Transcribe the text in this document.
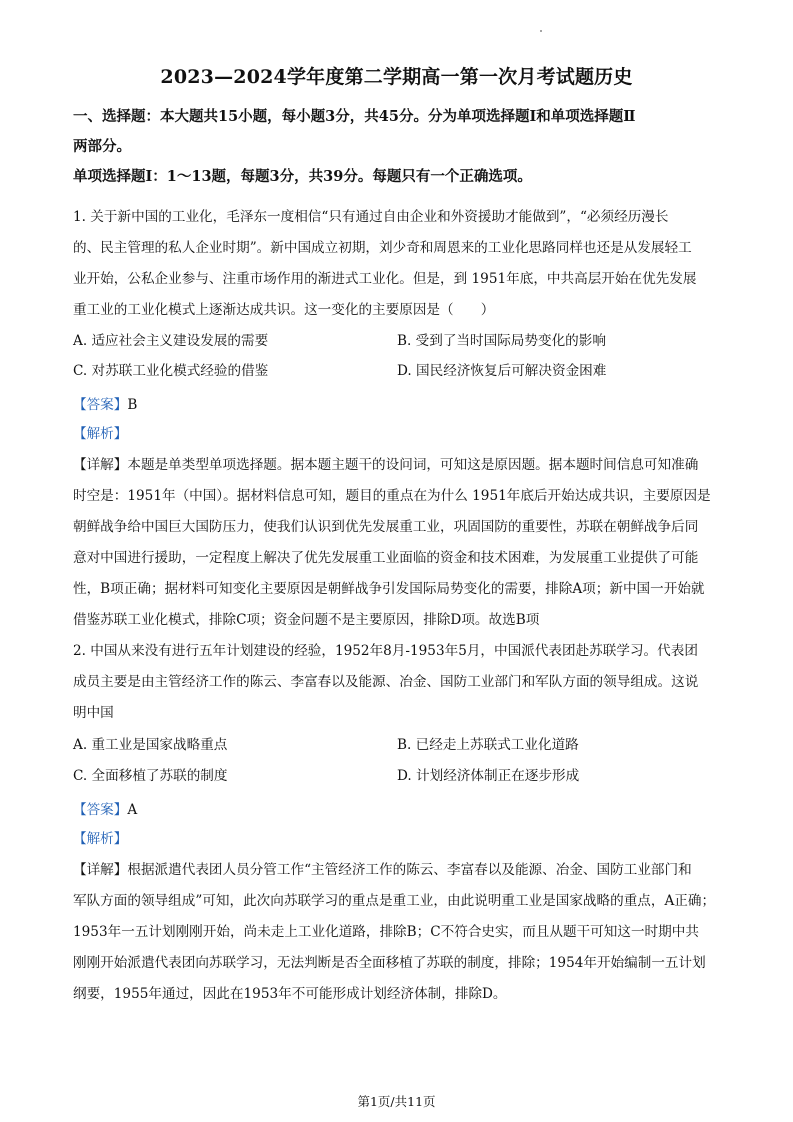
2023—2024学年度第二学期高一第一次月考试题历史
一、选择题：本大题共15小题，每小题3分，共45分。分为单项选择题Ⅰ和单项选择题Ⅱ
两部分。
单项选择题Ⅰ：1～13题，每题3分，共39分。每题只有一个正确选项。
1. 关于新中国的工业化，毛泽东一度相信“只有通过自由企业和外资援助才能做到”，“必须经历漫长
的、民主管理的私人企业时期”。新中国成立初期，刘少奇和周恩来的工业化思路同样也还是从发展轻工
业开始，公私企业参与、注重市场作用的渐进式工业化。但是，到 1951年底，中共高层开始在优先发展
重工业的工业化模式上逐渐达成共识。这一变化的主要原因是（　　）
A. 适应社会主义建设发展的需要	B. 受到了当时国际局势变化的影响
C. 对苏联工业化模式经验的借鉴	D. 国民经济恢复后可解决资金困难
【答案】B
【解析】
【详解】本题是单类型单项选择题。据本题主题干的设问词，可知这是原因题。据本题时间信息可知准确
时空是：1951年（中国）。据材料信息可知，题目的重点在为什么 1951年底后开始达成共识，主要原因是
朝鲜战争给中国巨大国防压力，使我们认识到优先发展重工业，巩固国防的重要性，苏联在朝鲜战争后同
意对中国进行援助，一定程度上解决了优先发展重工业面临的资金和技术困难，为发展重工业提供了可能
性，B项正确；据材料可知变化主要原因是朝鲜战争引发国际局势变化的需要，排除A项；新中国一开始就
借鉴苏联工业化模式，排除C项；资金问题不是主要原因，排除D项。故选B项
2. 中国从来没有进行五年计划建设的经验，1952年8月-1953年5月，中国派代表团赴苏联学习。代表团
成员主要是由主管经济工作的陈云、李富春以及能源、冶金、国防工业部门和军队方面的领导组成。这说
明中国
A. 重工业是国家战略重点	B. 已经走上苏联式工业化道路
C. 全面移植了苏联的制度	D. 计划经济体制正在逐步形成
【答案】A
【解析】
【详解】根据派遣代表团人员分管工作“主管经济工作的陈云、李富春以及能源、冶金、国防工业部门和
军队方面的领导组成”可知，此次向苏联学习的重点是重工业，由此说明重工业是国家战略的重点，A正确；
1953年一五计划刚刚开始，尚未走上工业化道路，排除B；C不符合史实，而且从题干可知这一时期中共
刚刚开始派遣代表团向苏联学习，无法判断是否全面移植了苏联的制度，排除；1954年开始编制一五计划
纲要，1955年通过，因此在1953年不可能形成计划经济体制，排除D。
第1页/共11页
